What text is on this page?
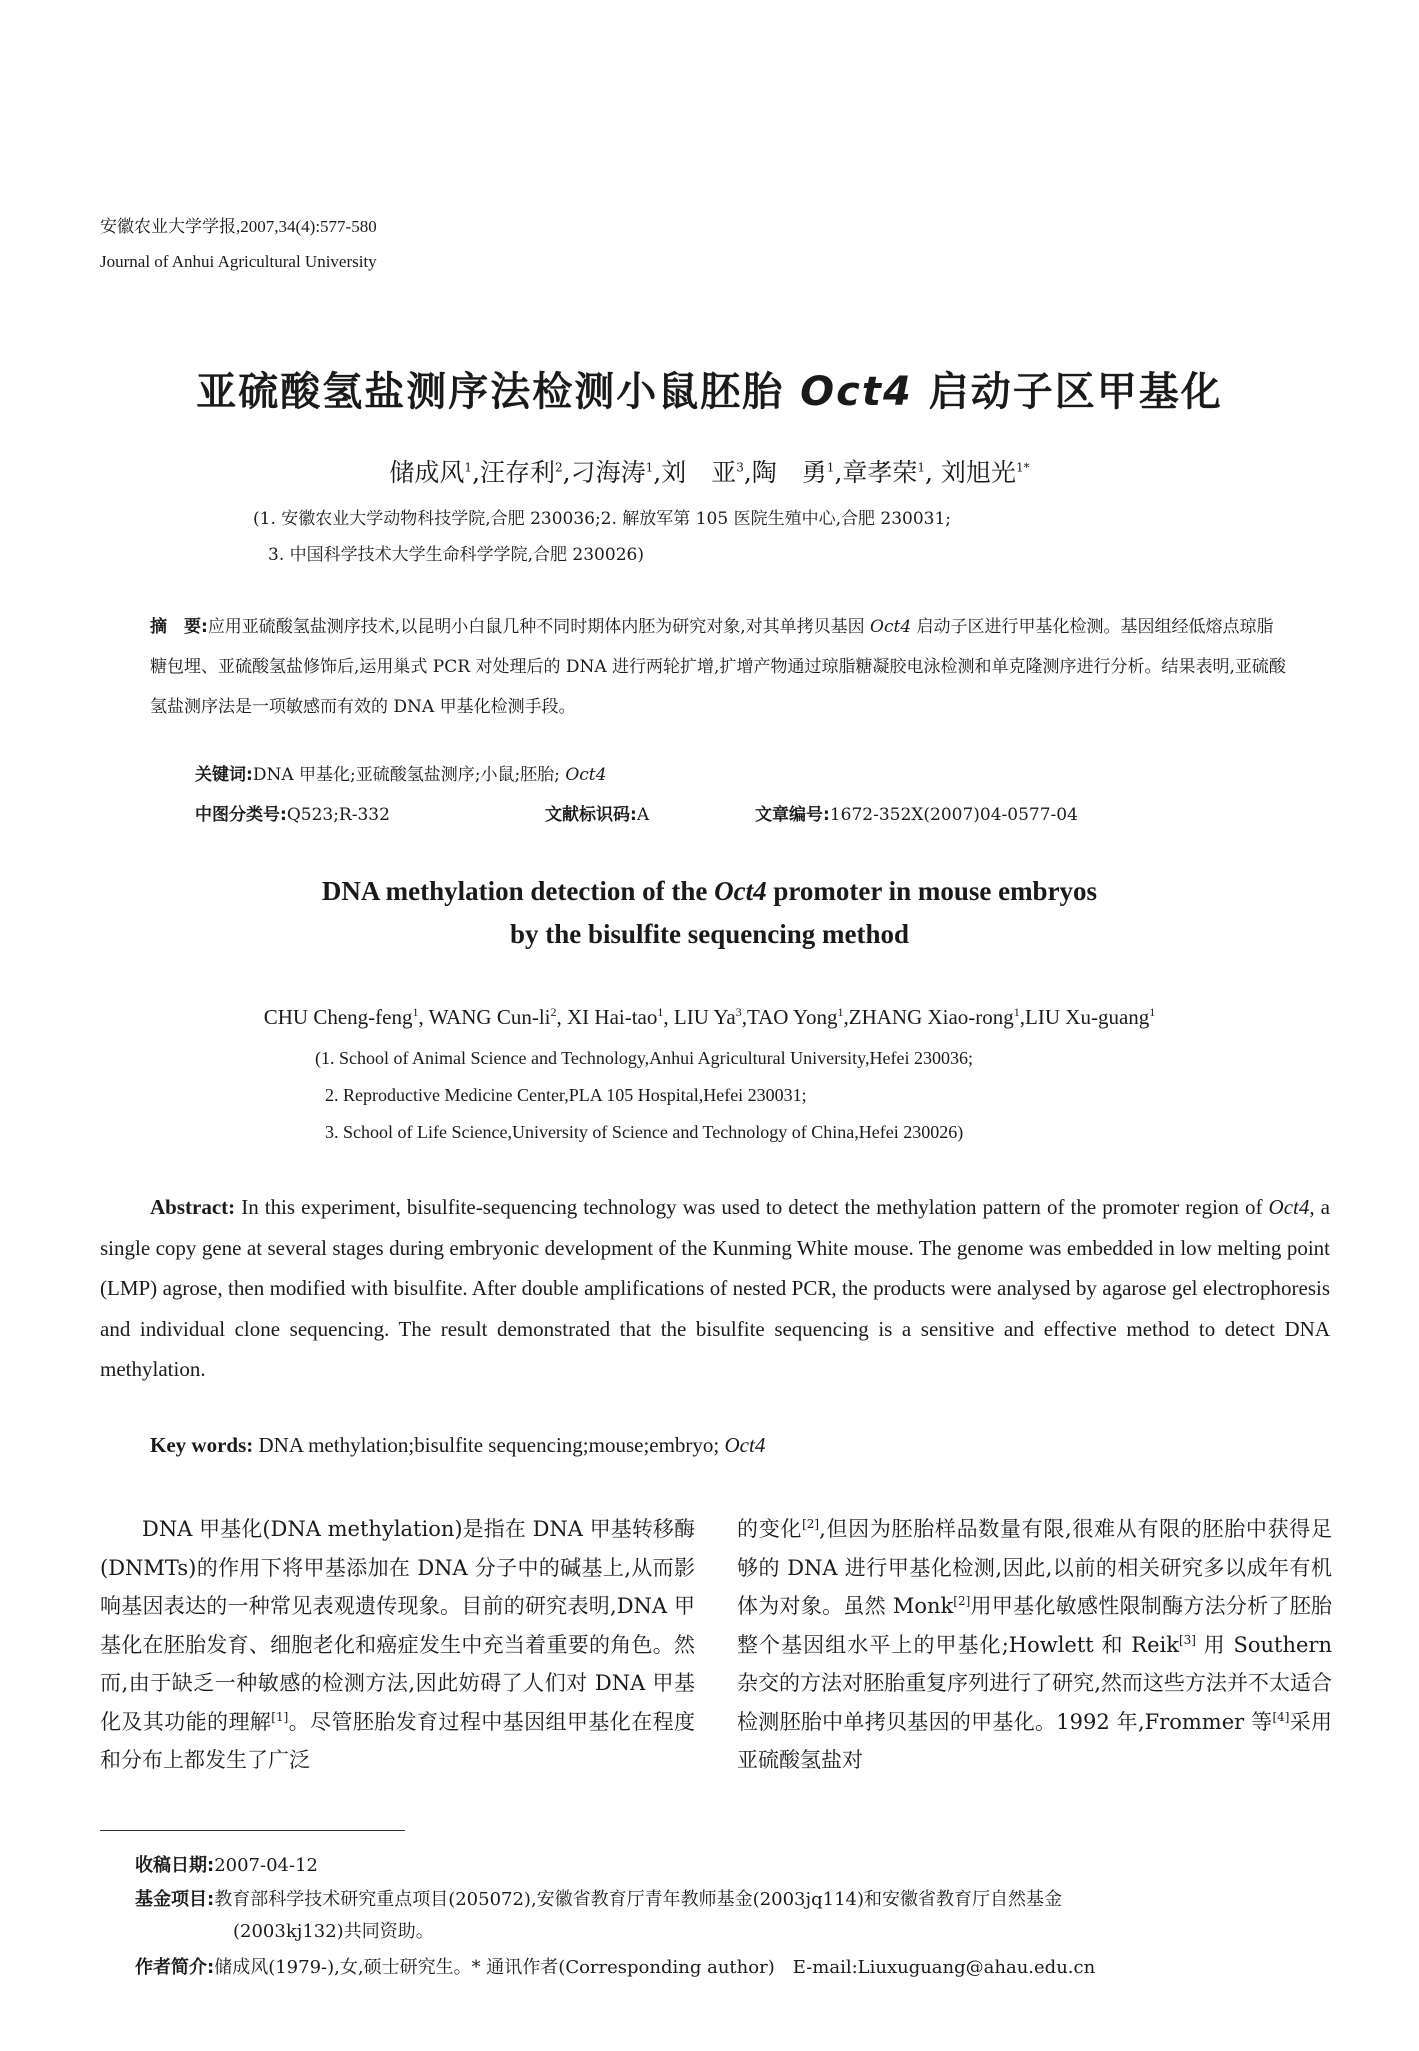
安徽农业大学学报,2007,34(4):577-580
Journal of Anhui Agricultural University
亚硫酸氢盐测序法检测小鼠胚胎 Oct4 启动子区甲基化
储成风$^1$,汪存利$^2$,刁海涛$^1$,刘　亚$^3$,陶　勇$^1$,章孝荣$^1$, 刘旭光$^{1*}$
(1. 安徽农业大学动物科技学院,合肥 230036;2. 解放军第 105 医院生殖中心,合肥 230031;
3. 中国科学技术大学生命科学学院,合肥 230026)
摘　要:应用亚硫酸氢盐测序技术,以昆明小白鼠几种不同时期体内胚为研究对象,对其单拷贝基因 Oct4 启动子区进行甲基化检测。基因组经低熔点琼脂糖包埋、亚硫酸氢盐修饰后,运用巢式 PCR 对处理后的 DNA 进行两轮扩增,扩增产物通过琼脂糖凝胶电泳检测和单克隆测序进行分析。结果表明,亚硫酸氢盐测序法是一项敏感而有效的 DNA 甲基化检测手段。
关键词:DNA 甲基化;亚硫酸氢盐测序;小鼠;胚胎; Oct4
中图分类号:Q523;R-332	文献标识码:A	文章编号:1672-352X(2007)04-0577-04
DNA methylation detection of the Oct4 promoter in mouse embryos
by the bisulfite sequencing method
CHU Cheng-feng$^1$, WANG Cun-$li^2$, XI Hai-tao$^1$, LIU Ya$^3$,TAO Yong$^1$,ZHANG Xiao-rong$^1$,LIU Xu-guang$^1$
(1. School of Animal Science and Technology,Anhui Agricultural University,Hefei 230036;
2. Reproductive Medicine Center,PLA 105 Hospital,Hefei 230031;
3. School of Life Science,University of Science and Technology of China,Hefei 230026)
Abstract: In this experiment, bisulfite-sequencing technology was used to detect the methylation pattern of the promoter region of Oct4, a single copy gene at several stages during embryonic development of the Kunming White mouse. The genome was embedded in low melting point (LMP) agrose, then modified with bisulfite. After double amplifications of nested PCR, the products were analysed by agarose gel electrophoresis and individual clone sequencing. The result demonstrated that the bisulfite sequencing is a sensitive and effective method to detect DNA methylation.
Key words: DNA methylation;bisulfite sequencing;mouse;embryo; Oct4
DNA 甲基化(DNA methylation)是指在 DNA 甲基转移酶(DNMTs)的作用下将甲基添加在 DNA 分子中的碱基上,从而影响基因表达的一种常见表观遗传现象。目前的研究表明,DNA 甲基化在胚胎发育、细胞老化和癌症发生中充当着重要的角色。然而,由于缺乏一种敏感的检测方法,因此妨碍了人们对 DNA 甲基化及其功能的理解[1]。尽管胚胎发育过程中基因组甲基化在程度和分布上都发生了广泛
的变化[2],但因为胚胎样品数量有限,很难从有限的胚胎中获得足够的 DNA 进行甲基化检测,因此,以前的相关研究多以成年有机体为对象。虽然 Monk[2]用甲基化敏感性限制酶方法分析了胚胎整个基因组水平上的甲基化;Howlett 和 Reik[3] 用 Southern 杂交的方法对胚胎重复序列进行了研究,然而这些方法并不太适合检测胚胎中单拷贝基因的甲基化。1992 年,Frommer 等[4]采用亚硫酸氢盐对
收稿日期:2007-04-12
基金项目:教育部科学技术研究重点项目(205072),安徽省教育厅青年教师基金(2003jq114)和安徽省教育厅自然基金
(2003kj132)共同资助。
作者简介:储成风(1979-),女,硕士研究生。* 通讯作者(Corresponding author)　E-mail:Liuxuguang@ahau.edu.cn
